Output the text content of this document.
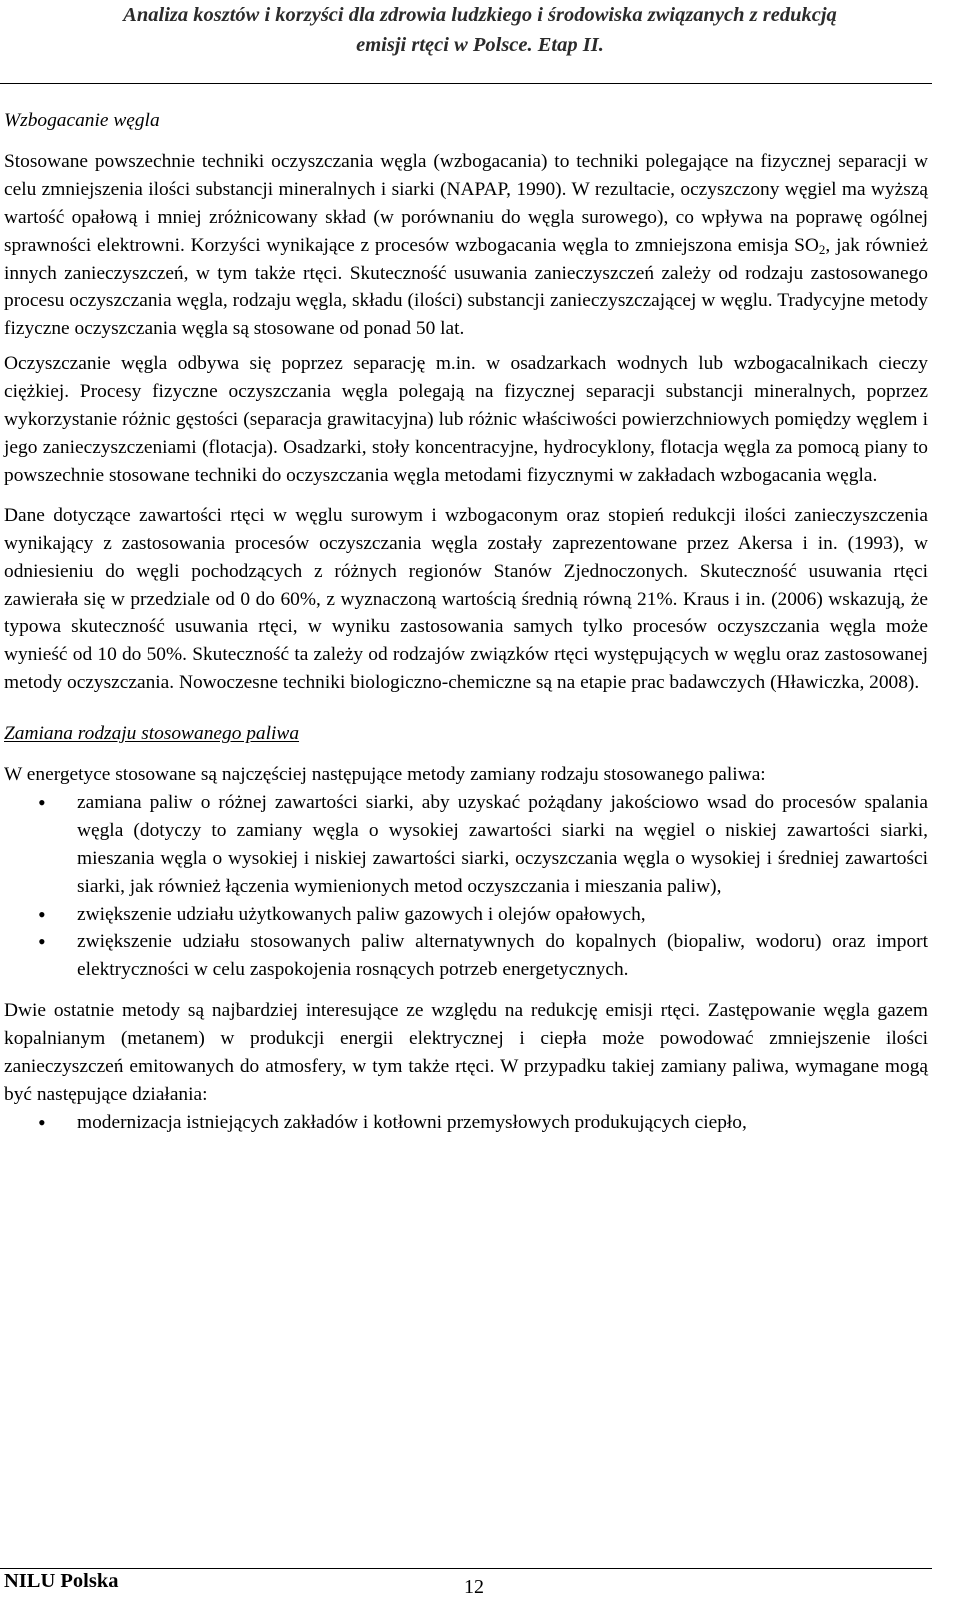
Analiza kosztów i korzyści dla zdrowia ludzkiego i środowiska związanych z redukcją
emisji rtęci w Polsce. Etap II.

Wzbogacanie węgla

Stosowane powszechnie techniki oczyszczania węgla (wzbogacania) to techniki polegające na fizycznej separacji w celu zmniejszenia ilości substancji mineralnych i siarki (NAPAP, 1990). W rezultacie, oczyszczony węgiel ma wyższą wartość opałową i mniej zróżnicowany skład (w porównaniu do węgla surowego), co wpływa na poprawę ogólnej sprawności elektrowni. Korzyści wynikające z procesów wzbogacania węgla to zmniejszona emisja $SO_2$, jak również innych zanieczyszczeń, w tym także rtęci. Skuteczność usuwania zanieczyszczeń zależy od rodzaju zastosowanego procesu oczyszczania węgla, rodzaju węgla, składu (ilości) substancji zanieczyszczającej w węglu. Tradycyjne metody fizyczne oczyszczania węgla są stosowane od ponad 50 lat.

Oczyszczanie węgla odbywa się poprzez separację m.in. w osadzarkach wodnych lub wzbogacalnikach cieczy ciężkiej. Procesy fizyczne oczyszczania węgla polegają na fizycznej separacji substancji mineralnych, poprzez wykorzystanie różnic gęstości (separacja grawitacyjna) lub różnic właściwości powierzchniowych pomiędzy węglem i jego zanieczyszczeniami (flotacja). Osadzarki, stoły koncentracyjne, hydrocyklony, flotacja węgla za pomocą piany to powszechnie stosowane techniki do oczyszczania węgla metodami fizycznymi w zakładach wzbogacania węgla.

Dane dotyczące zawartości rtęci w węglu surowym i wzbogaconym oraz stopień redukcji ilości zanieczyszczenia wynikający z zastosowania procesów oczyszczania węgla zostały zaprezentowane przez Akersa i in. (1993), w odniesieniu do węgli pochodzących z różnych regionów Stanów Zjednoczonych. Skuteczność usuwania rtęci zawierała się w przedziale od 0 do 60%, z wyznaczoną wartością średnią równą 21%. Kraus i in. (2006) wskazują, że typowa skuteczność usuwania rtęci, w wyniku zastosowania samych tylko procesów oczyszczania węgla może wynieść od 10 do 50%. Skuteczność ta zależy od rodzajów związków rtęci występujących w węglu oraz zastosowanej metody oczyszczania. Nowoczesne techniki biologiczno-chemiczne są na etapie prac badawczych (Hławiczka, 2008).

Zamiana rodzaju stosowanego paliwa

W energetyce stosowane są najczęściej następujące metody zamiany rodzaju stosowanego paliwa:

• zamiana paliw o różnej zawartości siarki, aby uzyskać pożądany jakościowo wsad do procesów spalania węgla (dotyczy to zamiany węgla o wysokiej zawartości siarki na węgiel o niskiej zawartości siarki, mieszania węgla o wysokiej i niskiej zawartości siarki, oczyszczania węgla o wysokiej i średniej zawartości siarki, jak również łączenia wymienionych metod oczyszczania i mieszania paliw),
• zwiększenie udziału użytkowanych paliw gazowych i olejów opałowych,
• zwiększenie udziału stosowanych paliw alternatywnych do kopalnych (biopaliw, wodoru) oraz import elektryczności w celu zaspokojenia rosnących potrzeb energetycznych.

Dwie ostatnie metody są najbardziej interesujące ze względu na redukcję emisji rtęci. Zastępowanie węgla gazem kopalnianym (metanem) w produkcji energii elektrycznej i ciepła może powodować zmniejszenie ilości zanieczyszczeń emitowanych do atmosfery, w tym także rtęci. W przypadku takiej zamiany paliwa, wymagane mogą być następujące działania:

• modernizacja istniejących zakładów i kotłowni przemysłowych produkujących ciepło,
NILU Polska	12
